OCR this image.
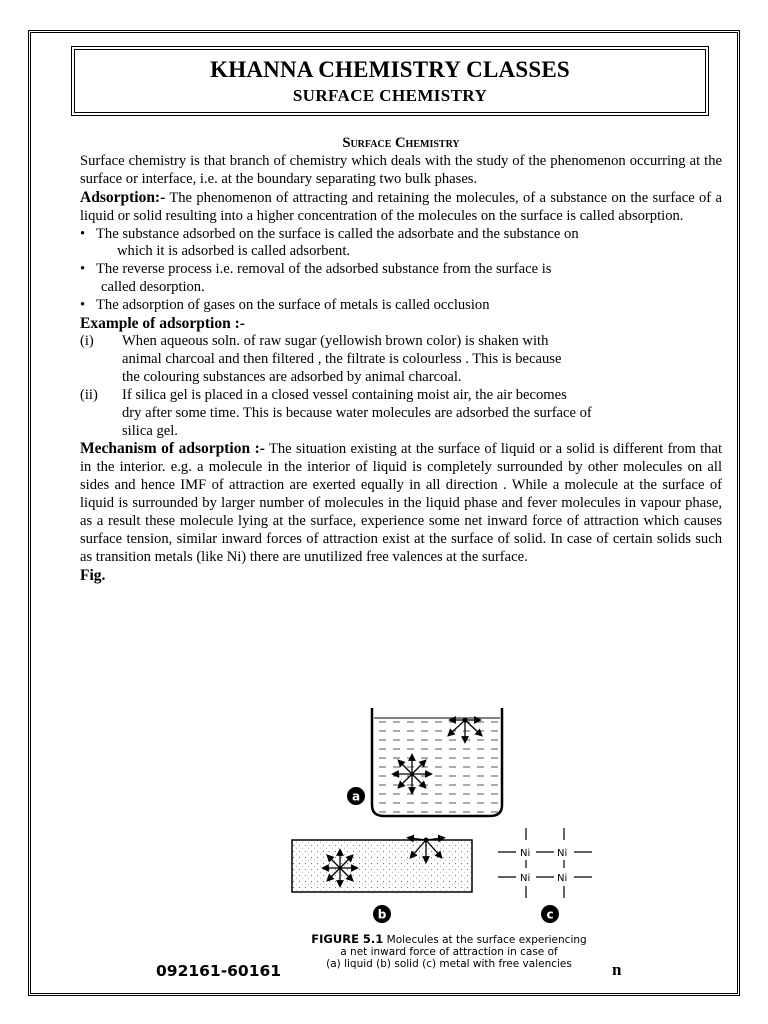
KHANNA CHEMISTRY CLASSES
SURFACE CHEMISTRY
Surface Chemistry
Surface chemistry is that branch of chemistry which deals with the study of the phenomenon occurring at the surface or interface, i.e. at the boundary separating two bulk phases.
Adsorption:- The phenomenon of attracting and retaining the molecules, of a substance on the surface of a liquid or solid resulting into a higher concentration of the molecules on the surface is called absorption.
• The substance adsorbed on the surface is called the adsorbate and the substance on
which it is adsorbed is called adsorbent.
• The reverse process i.e. removal of the adsorbed substance from the surface is
called desorption.
• The adsorption of gases on the surface of metals is called occlusion
Example of adsorption :-
(i)	When aqueous soln. of raw sugar (yellowish brown color) is shaken with
animal charcoal and then filtered , the filtrate is colourless . This is because
the colouring substances are adsorbed by animal charcoal.
(ii)	If silica gel is placed in a closed vessel containing moist air, the air becomes
dry after some time. This is because water molecules are adsorbed the surface of
silica gel.
Mechanism of adsorption :- The situation existing at the surface of liquid or a solid is different from that in the interior. e.g. a molecule in the interior of liquid is completely surrounded by other molecules on all sides and hence IMF of attraction are exerted equally in all direction . While a molecule at the surface of liquid is surrounded by larger number of molecules in the liquid phase and fever molecules in vapour phase, as a result these molecule lying at the surface, experience some net inward force of attraction which causes surface tension, similar inward forces of attraction exist at the surface of solid. In case of certain solids such as transition metals (like Ni) there are unutilized free valences at the surface.
Fig.
a
b
Ni	Ni
Ni	Ni
c
FIGURE 5.1 Molecules at the surface experiencing
a net inward force of attraction in case of
(a) liquid (b) solid (c) metal with free valencies
092161-60161	n
